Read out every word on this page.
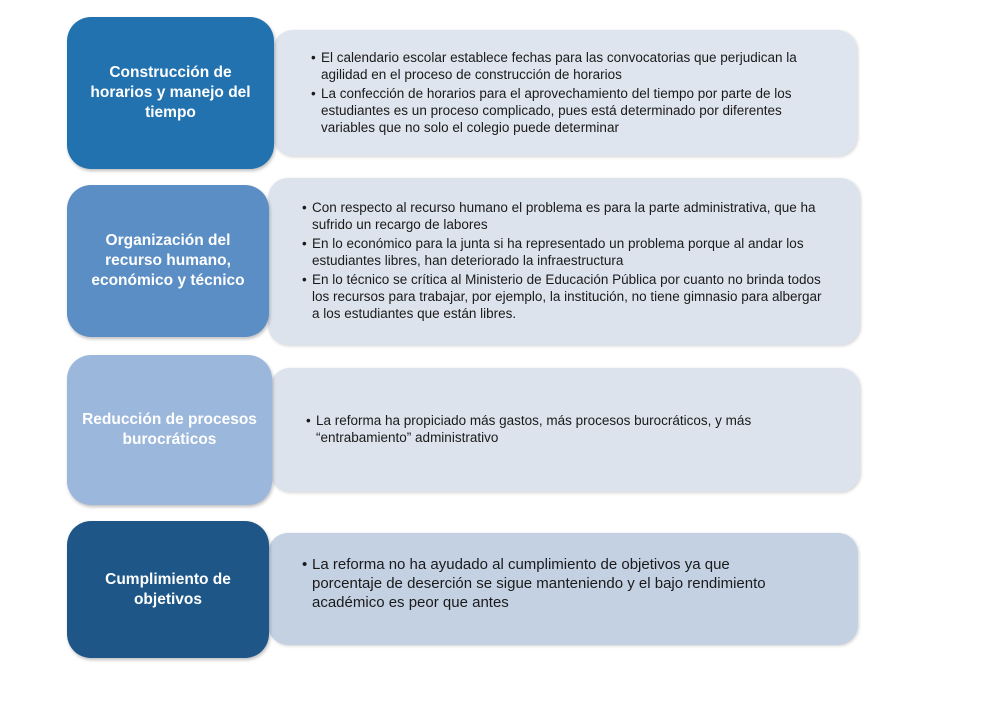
• El calendario escolar establece fechas para las convocatorias que perjudican la agilidad en el proceso de construcción de horarios
• La confección de horarios para el aprovechamiento del tiempo por parte de los estudiantes es un proceso complicado, pues está determinado por diferentes variables que no solo el colegio puede determinar
Construcción de horarios y manejo del tiempo
• Con respecto al recurso humano el problema es para la parte administrativa, que ha sufrido un recargo de labores
• En lo económico para la junta si ha representado un problema porque al andar los estudiantes libres, han deteriorado la infraestructura
• En lo técnico se crítica al Ministerio de Educación Pública por cuanto no brinda todos los recursos para trabajar, por ejemplo, la institución, no tiene gimnasio para albergar a los estudiantes que están libres.
Organización del recurso humano, económico y técnico
• La reforma ha propiciado más gastos, más procesos burocráticos, y más “entrabamiento” administrativo
Reducción de procesos burocráticos
• La reforma no ha ayudado al cumplimiento de objetivos ya que porcentaje de deserción se sigue manteniendo y el bajo rendimiento académico es peor que antes
Cumplimiento de objetivos
